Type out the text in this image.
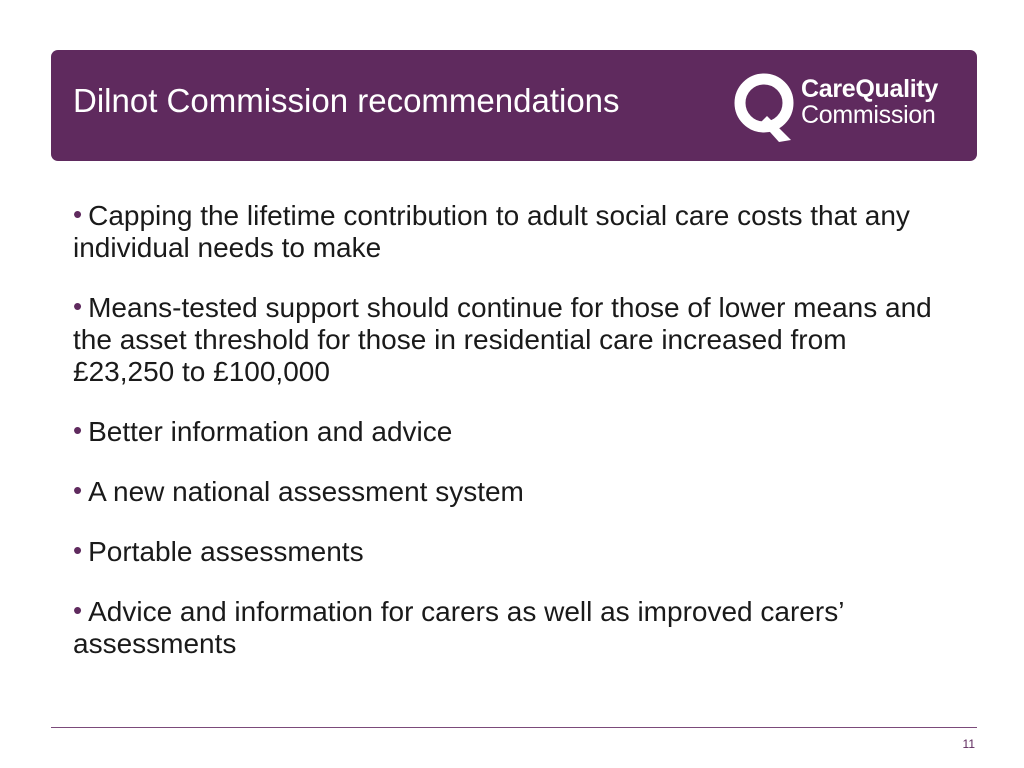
Dilnot Commission recommendations	CareQuality
Commission
• Capping the lifetime contribution to adult social care costs that any individual needs to make
• Means-tested support should continue for those of lower means and the asset threshold for those in residential care increased from £23,250 to £100,000
• Better information and advice
• A new national assessment system
• Portable assessments
• Advice and information for carers as well as improved carers’ assessments
11
